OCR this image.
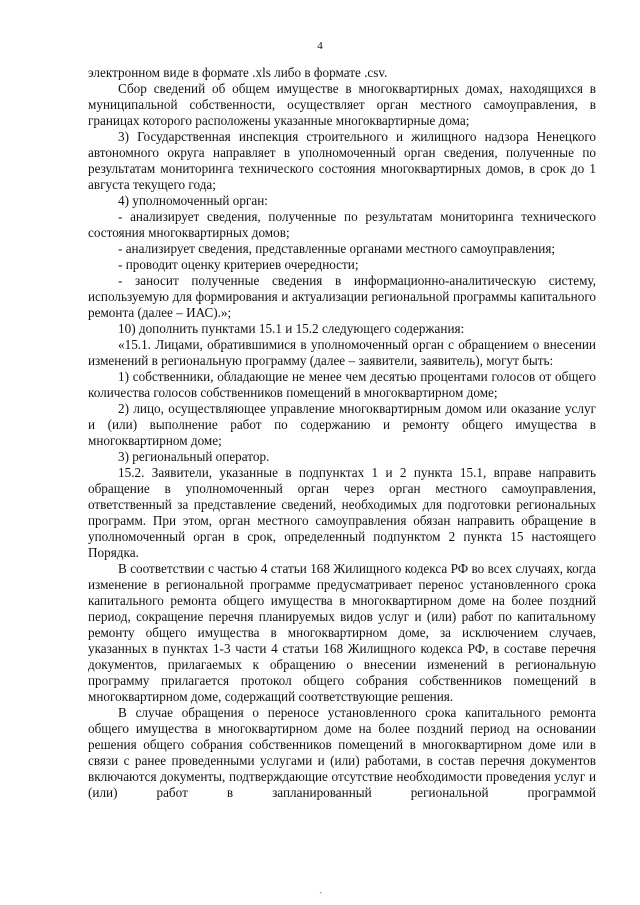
4

электронном виде в формате .xls либо в формате .csv.

Сбор сведений об общем имуществе в многоквартирных домах, находящихся в муниципальной собственности, осуществляет орган местного самоуправления, в границах которого расположены указанные многоквартирные дома;

3) Государственная инспекция строительного и жилищного надзора Ненецкого автономного округа направляет в уполномоченный орган сведения, полученные по результатам мониторинга технического состояния многоквартирных домов, в срок до 1 августа текущего года;

4) уполномоченный орган:

- анализирует сведения, полученные по результатам мониторинга технического состояния многоквартирных домов;

- анализирует сведения, представленные органами местного самоуправления;

- проводит оценку критериев очередности;

- заносит полученные сведения в информационно-аналитическую систему, используемую для формирования и актуализации региональной программы капитального ремонта (далее – ИАС).»;

10) дополнить пунктами 15.1 и 15.2 следующего содержания:

«15.1. Лицами, обратившимися в уполномоченный орган с обращением о внесении изменений в региональную программу (далее – заявители, заявитель), могут быть:

1) собственники, обладающие не менее чем десятью процентами голосов от общего количества голосов собственников помещений в многоквартирном доме;

2) лицо, осуществляющее управление многоквартирным домом или оказание услуг и (или) выполнение работ по содержанию и ремонту общего имущества в многоквартирном доме;

3) региональный оператор.

15.2. Заявители, указанные в подпунктах 1 и 2 пункта 15.1, вправе направить обращение в уполномоченный орган через орган местного самоуправления, ответственный за представление сведений, необходимых для подготовки региональных программ. При этом, орган местного самоуправления обязан направить обращение в уполномоченный орган в срок, определенный подпунктом 2 пункта 15 настоящего Порядка.

В соответствии с частью 4 статьи 168 Жилищного кодекса РФ во всех случаях, когда изменение в региональной программе предусматривает перенос установленного срока капитального ремонта общего имущества в многоквартирном доме на более поздний период, сокращение перечня планируемых видов услуг и (или) работ по капитальному ремонту общего имущества в многоквартирном доме, за исключением случаев, указанных в пунктах 1-3 части 4 статьи 168 Жилищного кодекса РФ, в составе перечня документов, прилагаемых к обращению о внесении изменений в региональную программу прилагается протокол общего собрания собственников помещений в многоквартирном доме, содержащий соответствующие решения.

В случае обращения о переносе установленного срока капитального ремонта общего имущества в многоквартирном доме на более поздний период на основании решения общего собрания собственников помещений в многоквартирном доме или в связи с ранее проведенными услугами и (или) работами, в состав перечня документов включаются документы, подтверждающие отсутствие необходимости проведения услуг и (или) работ в запланированный региональной программой

ˎ
